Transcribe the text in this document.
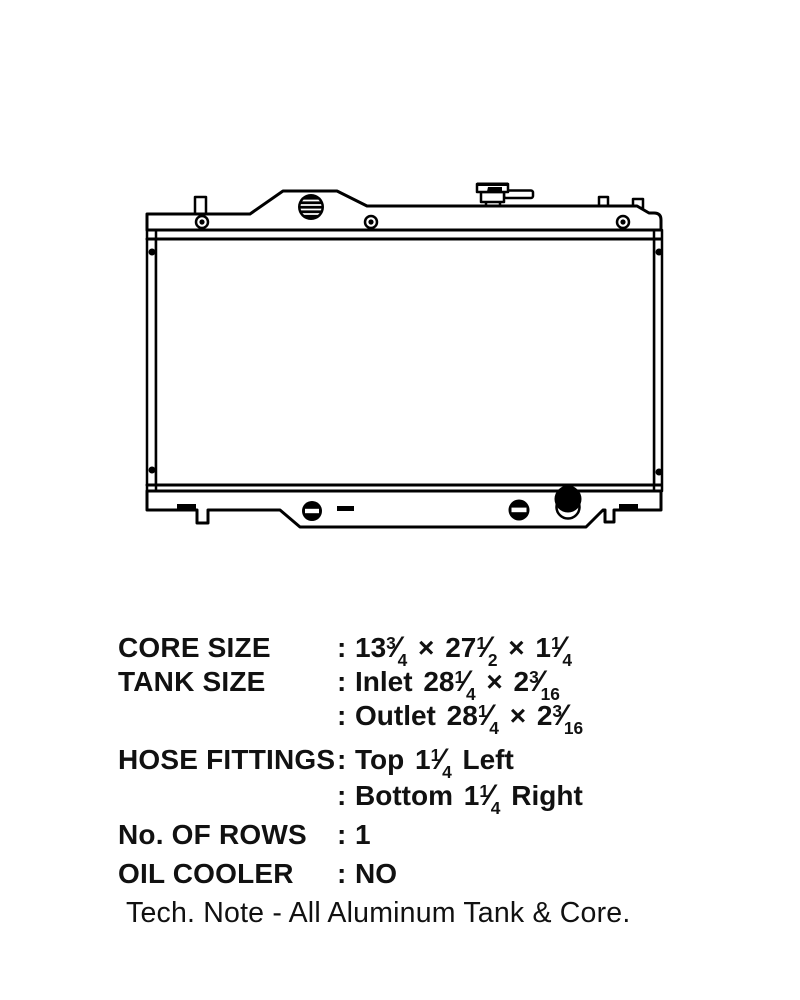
CORE SIZE	: $13^3⁄_4$ × $27^1⁄_2$ × $1^1⁄_4$
TANK SIZE	: Inlet $28^1⁄_4$ × $2^3⁄_{16}$
: Outlet $28^1⁄_4$ × $2^3⁄_{16}$
HOSE FITTINGS : Top $1^1⁄_4$ Left
: Bottom $1^1⁄_4$ Right
No. OF ROWS	: 1
OIL COOLER	: NO
Tech. Note - All Aluminum Tank & Core.
